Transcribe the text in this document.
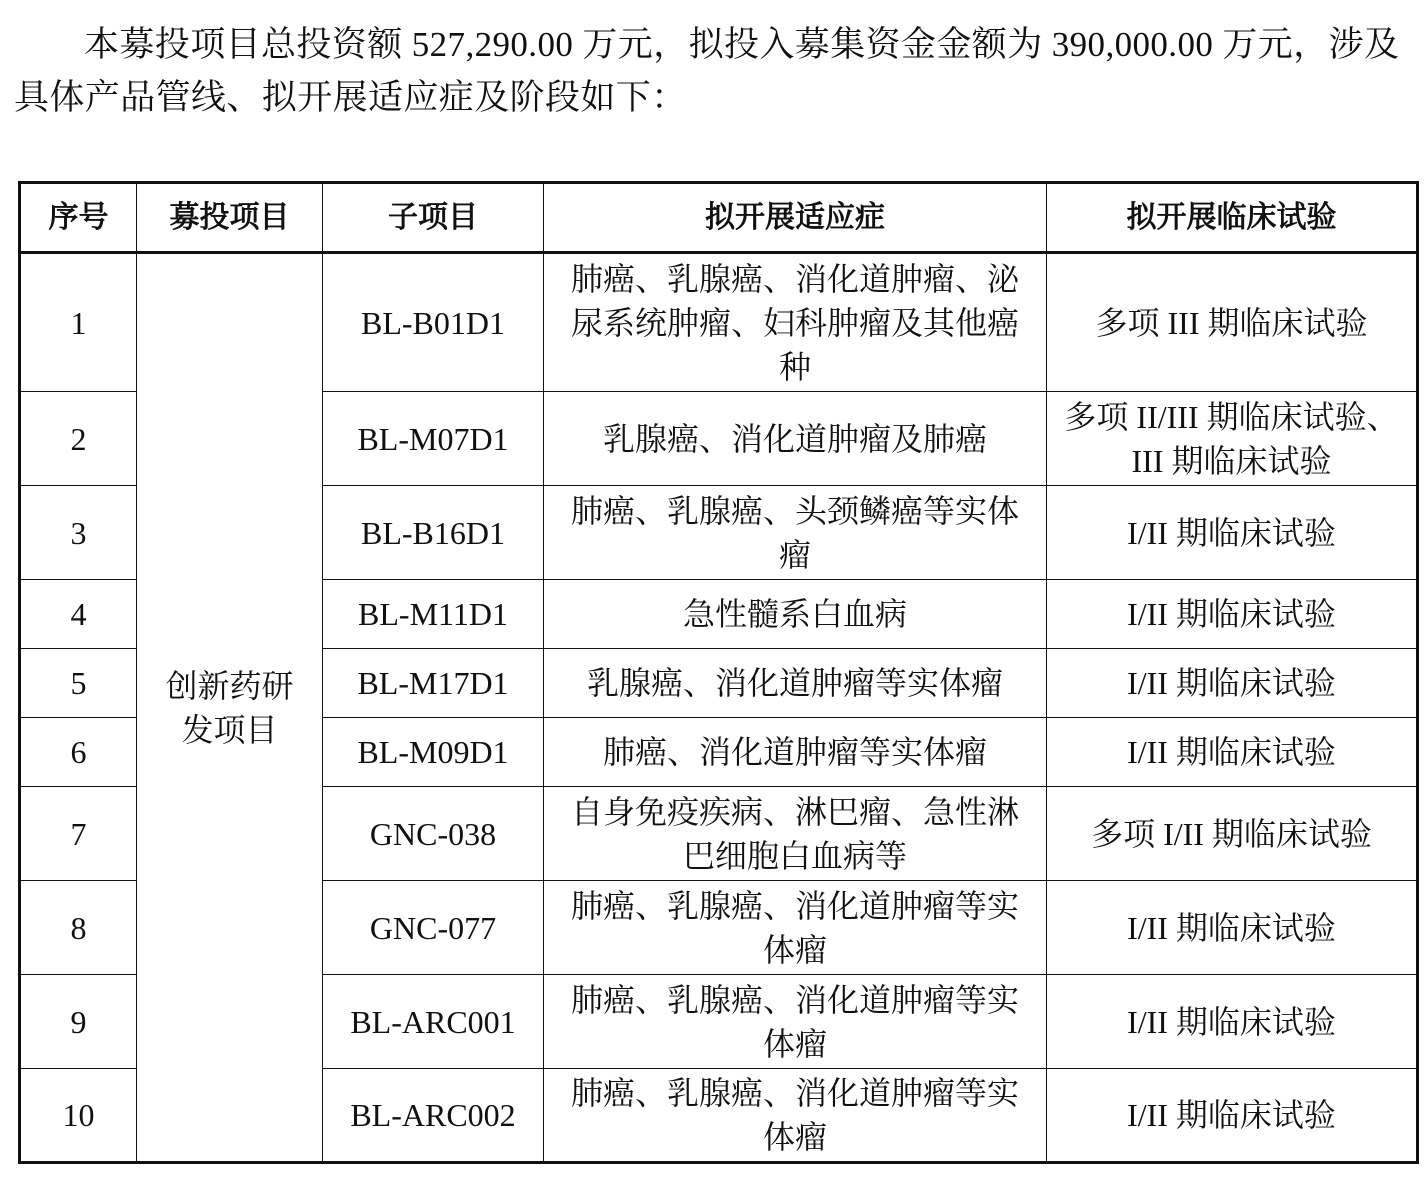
本募投项目总投资额 527,290.00 万元，拟投入募集资金金额为 390,000.00 万元，涉及具体产品管线、拟开展适应症及阶段如下：

序号	募投项目	子项目	拟开展适应症	拟开展临床试验
1	创新药研发项目	BL-B01D1	肺癌、乳腺癌、消化道肿瘤、泌尿系统肿瘤、妇科肿瘤及其他癌种	多项 III 期临床试验
2		BL-M07D1	乳腺癌、消化道肿瘤及肺癌	多项 II/III 期临床试验、III 期临床试验
3		BL-B16D1	肺癌、乳腺癌、头颈鳞癌等实体瘤	I/II 期临床试验
4		BL-M11D1	急性髓系白血病	I/II 期临床试验
5		BL-M17D1	乳腺癌、消化道肿瘤等实体瘤	I/II 期临床试验
6		BL-M09D1	肺癌、消化道肿瘤等实体瘤	I/II 期临床试验
7		GNC-038	自身免疫疾病、淋巴瘤、急性淋巴细胞白血病等	多项 I/II 期临床试验
8		GNC-077	肺癌、乳腺癌、消化道肿瘤等实体瘤	I/II 期临床试验
9		BL-ARC001	肺癌、乳腺癌、消化道肿瘤等实体瘤	I/II 期临床试验
10		BL-ARC002	肺癌、乳腺癌、消化道肿瘤等实体瘤	I/II 期临床试验
